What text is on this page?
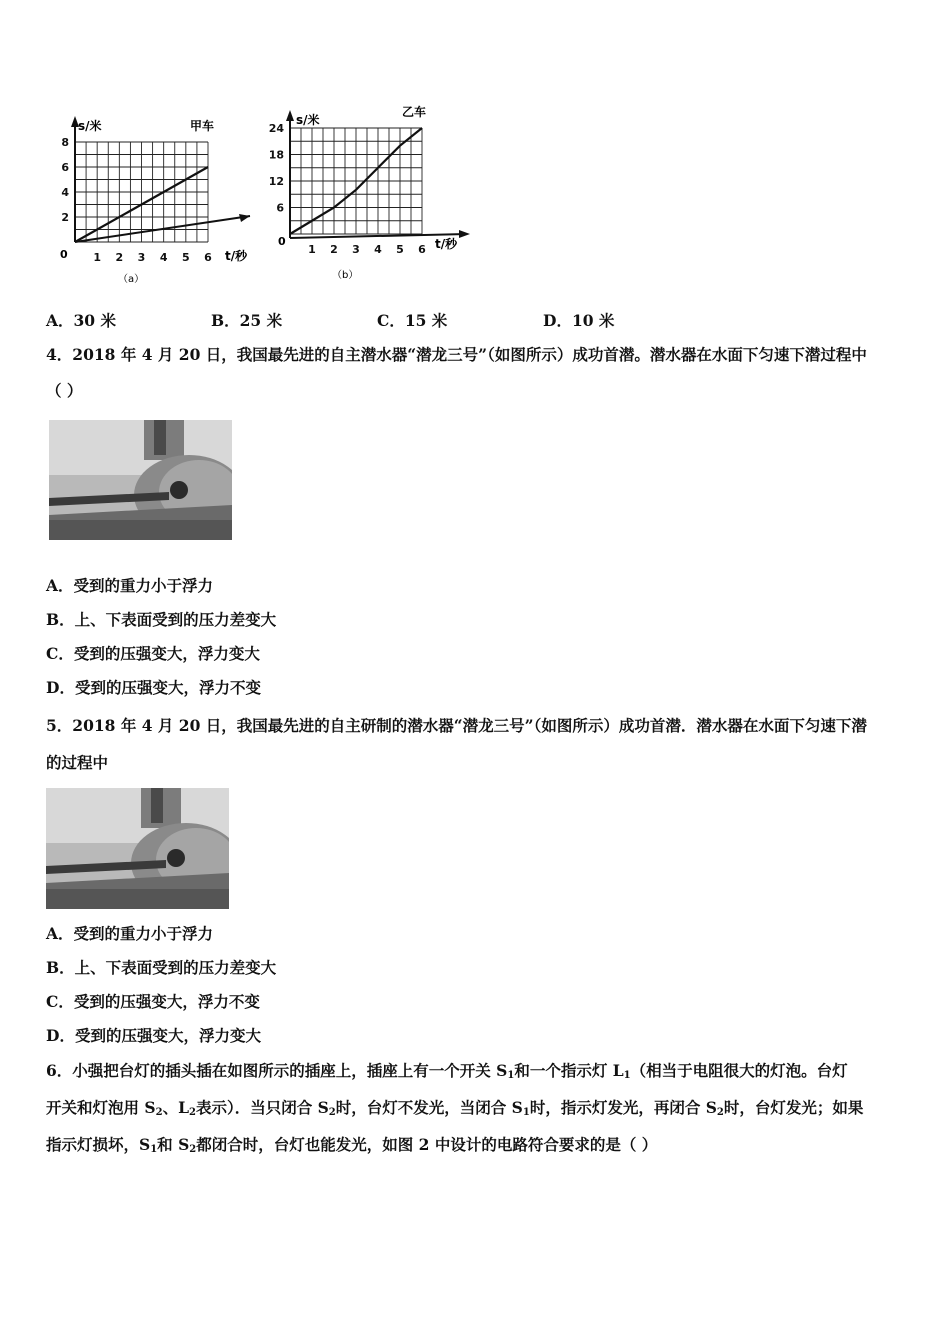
2
4
6
8
1 2 3 4 5 6
s/米	甲车
t/秒
0
（a）
6
12
18
24
1 2 3 4 5 6
s/米
乙车
t/秒
0
（b）
A．30 米	B．25 米	C．15 米	D．10 米
4．2018 年 4 月 20 日，我国最先进的自主潜水器“潜龙三号”（如图所示）成功首潜。潜水器在水面下匀速下潜过程中
（ ）
A．受到的重力小于浮力
B．上、下表面受到的压力差变大
C．受到的压强变大，浮力变大
D．受到的压强变大，浮力不变
5．2018 年 4 月 20 日，我国最先进的自主研制的潜水器“潜龙三号”（如图所示）成功首潜．潜水器在水面下匀速下潜
的过程中
A．受到的重力小于浮力
B．上、下表面受到的压力差变大
C．受到的压强变大，浮力不变
D．受到的压强变大，浮力变大
6．小强把台灯的插头插在如图所示的插座上，插座上有一个开关 $S_1$和一个指示灯 $L_1$（相当于电阻很大的灯泡。台灯
开关和灯泡用 $S_2$、$L_2$表示）．当只闭合 $S_2$时，台灯不发光，当闭合 $S_1$时，指示灯发光，再闭合 $S_2$时，台灯发光；如果
指示灯损坏，$S_1$和 $S_2$都闭合时，台灯也能发光，如图 2 中设计的电路符合要求的是（ ）
